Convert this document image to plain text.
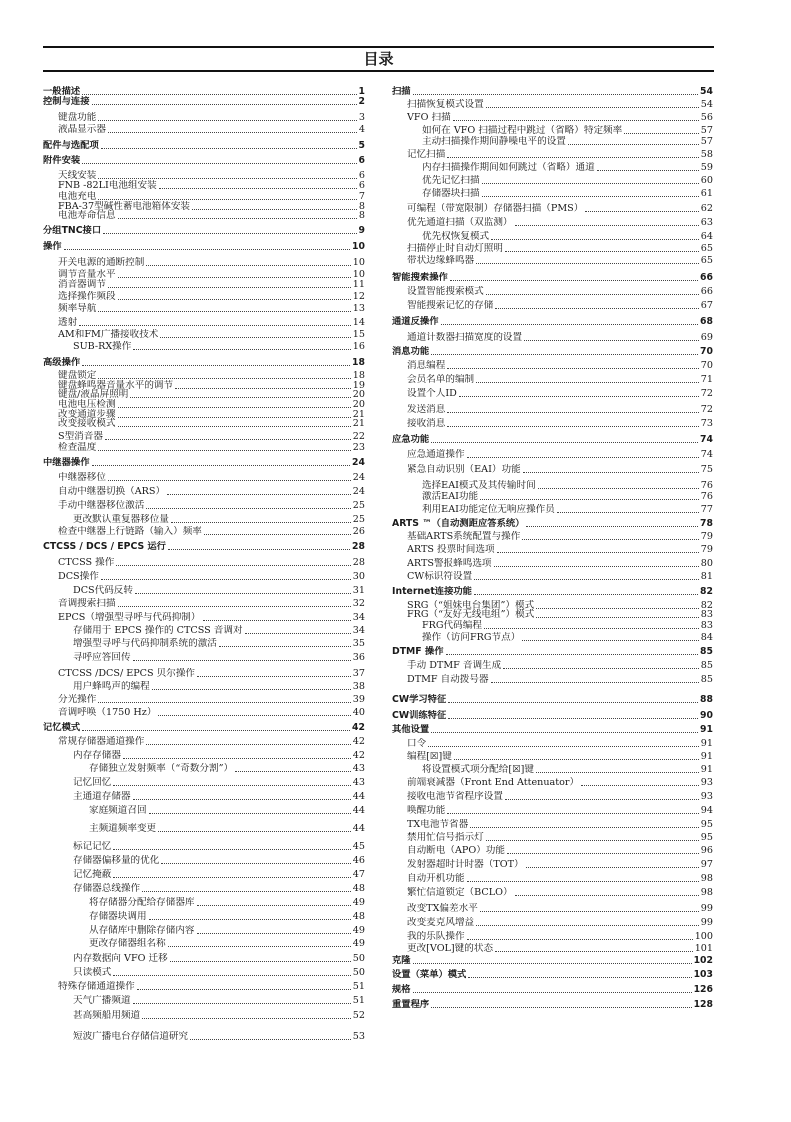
目录
一般描述	1
控制与连接	2
键盘功能	3
液晶显示器	4
配件与选配项	5
附件安装	6
天线安装	6
FNB -82LI电池组安装	6
电池充电	7
FBA-37型碱性蓄电池箱体安装	8
电池寿命信息	8
分组TNC接口	9
操作	10
开关电源的通断控制	10
调节音量水平	10
消音器调节	11
选择操作频段	12
频率导航	13
透射	14
AM和FM广播接收技术	15
SUB-RX操作	16
高级操作	18
键盘锁定	18
键盘蜂鸣器音量水平的调节	19
键盘/液晶屏照明	20
电池电压检测	20
改变通道步骤	21
改变接收模式	21
S型消音器	22
检查温度	23
中继器操作	24
中继器移位	24
自动中继器切换（ARS）	24
手动中继器移位激活	25
更改默认重复器移位量	25
检查中继器上行链路（输入）频率	26
CTCSS / DCS / EPCS 运行	28
CTCSS 操作	28
DCS操作	30
DCS代码反转	31
音调搜索扫描	32
EPCS（增强型寻呼与代码抑制）	34
存储用于 EPCS 操作的 CTCSS 音调对	34
增强型寻呼与代码抑制系统的激活	35
寻呼应答回传	36
CTCSS /DCS/ EPCS 贝尔操作	37
用户蜂鸣声的编程	38
分光操作	39
音调呼唤（1750 Hz）	40
记忆模式	42
常规存储器通道操作	42
内存存储器	42
存储独立发射频率（“奇数分割”）	43
记忆回忆	43
主通道存储器	44
家庭频道召回	44
主频道频率变更	44
标记记忆	45
存储器偏移量的优化	46
记忆掩蔽	47
存储器总线操作	48
将存储器分配给存储器库	49
存储器块调用	48
从存储库中删除存储内容	49
更改存储器组名称	49
内存数据向 VFO 迁移	50
只读模式	50
特殊存储通道操作	51
天气广播频道	51
甚高频船用频道	52
短波广播电台存储信道研究	53
扫描	54
扫描恢复模式设置	54
VFO 扫描	56
如何在 VFO 扫描过程中跳过（省略）特定频率	57
主动扫描操作期间静噪电平的设置	57
记忆扫描	58
内存扫描操作期间如何跳过（省略）通道	59
优先记忆扫描	60
存储器块扫描	61
可编程（带宽限制）存储器扫描（PMS）	62
优先通道扫描（双监测）	63
优先权恢复模式	64
扫描停止时自动灯照明	65
带状边缘蜂鸣器	65
智能搜索操作	66
设置智能搜索模式	66
智能搜索记忆的存储	67
通道反操作	68
通道计数器扫描宽度的设置	69
消息功能	70
消息编程	70
会员名单的编制	71
设置个人ID	72
发送消息	72
接收消息	73
应急功能	74
应急通道操作	74
紧急自动识别（EAI）功能	75
选择EAI模式及其传输时间	76
激活EAI功能	76
利用EAI功能定位无响应操作员	77
ARTS ™（自动测距应答系统）	78
基础ARTS系统配置与操作	79
ARTS 投票时间选项	79
ARTS警报蜂鸣选项	80
CW标识符设置	81
Internet连接功能	82
SRG（“姐妹电台集团”）模式	82
FRG（“友好无线电组”）模式	83
FRG代码编程	83
操作（访问FRG节点）	84
DTMF 操作	85
手动 DTMF 音调生成	85
DTMF 自动拨号器	85
CW学习特征	88
CW训练特征	90
其他设置	91
口令	91
编程[☒]键	91
将设置模式项分配给[☒]键	91
前端衰减器（Front End Attenuator）	93
接收电池节省程序设置	93
唤醒功能	94
TX电池节省器	95
禁用忙信号指示灯	95
自动断电（APO）功能	96
发射器超时计时器（TOT）	97
自动开机功能	98
繁忙信道锁定（BCLO）	98
改变TX偏差水平	99
改变麦克风增益	99
我的乐队操作	100
更改[VOL]键的状态	101
克隆	102
设置（菜单）模式	103
规格	126
重置程序	128
